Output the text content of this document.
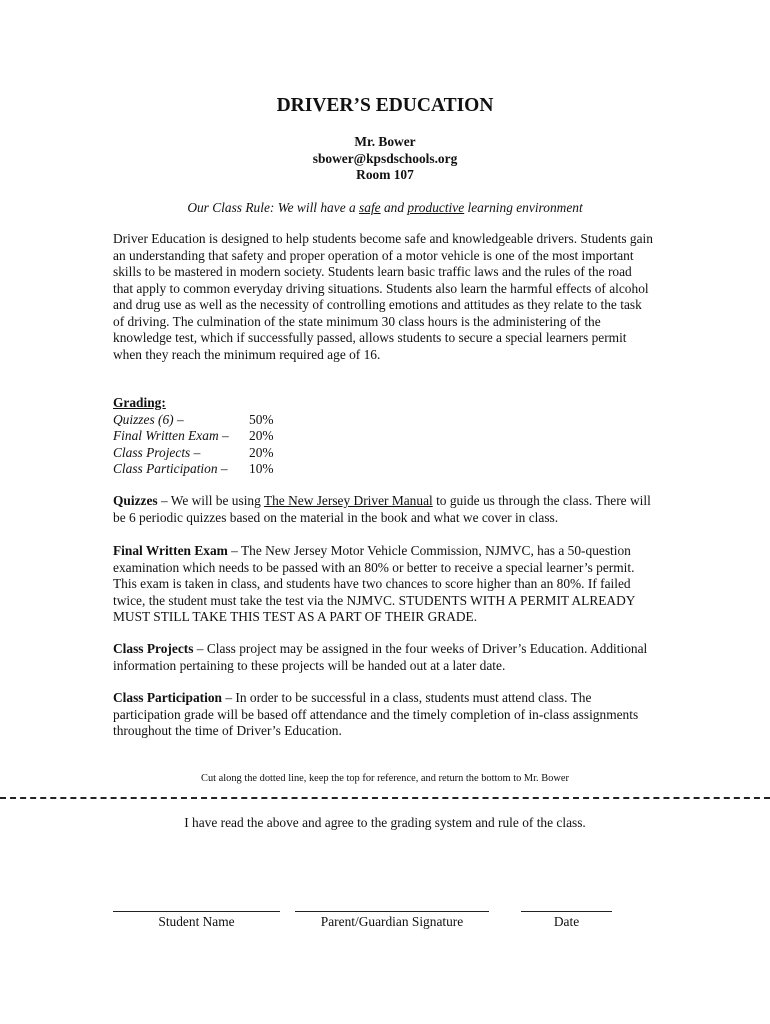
DRIVER’S EDUCATION
Mr. Bower
sbower@kpsdschools.org
Room 107
Our Class Rule: We will have a safe and productive learning environment

Driver Education is designed to help students become safe and knowledgeable drivers. Students gain an understanding that safety and proper operation of a motor vehicle is one of the most important skills to be mastered in modern society. Students learn basic traffic laws and the rules of the road that apply to common everyday driving situations. Students also learn the harmful effects of alcohol and drug use as well as the necessity of controlling emotions and attitudes as they relate to the task of driving. The culmination of the state minimum 30 class hours is the administering of the knowledge test, which if successfully passed, allows students to secure a special learners permit when they reach the minimum required age of 16.

Grading:
Quizzes (6) –	50%
Final Written Exam –	20%
Class Projects –	20%
Class Participation –	10%

Quizzes – We will be using The New Jersey Driver Manual to guide us through the class. There will be 6 periodic quizzes based on the material in the book and what we cover in class.

Final Written Exam – The New Jersey Motor Vehicle Commission, NJMVC, has a 50-question examination which needs to be passed with an 80% or better to receive a special learner’s permit. This exam is taken in class, and students have two chances to score higher than an 80%. If failed twice, the student must take the test via the NJMVC. STUDENTS WITH A PERMIT ALREADY MUST STILL TAKE THIS TEST AS A PART OF THEIR GRADE.

Class Projects – Class project may be assigned in the four weeks of Driver’s Education. Additional information pertaining to these projects will be handed out at a later date.

Class Participation – In order to be successful in a class, students must attend class. The participation grade will be based off attendance and the timely completion of in-class assignments throughout the time of Driver’s Education.

Cut along the dotted line, keep the top for reference, and return the bottom to Mr. Bower
I have read the above and agree to the grading system and rule of the class.
Student Name	Parent/Guardian Signature	Date
